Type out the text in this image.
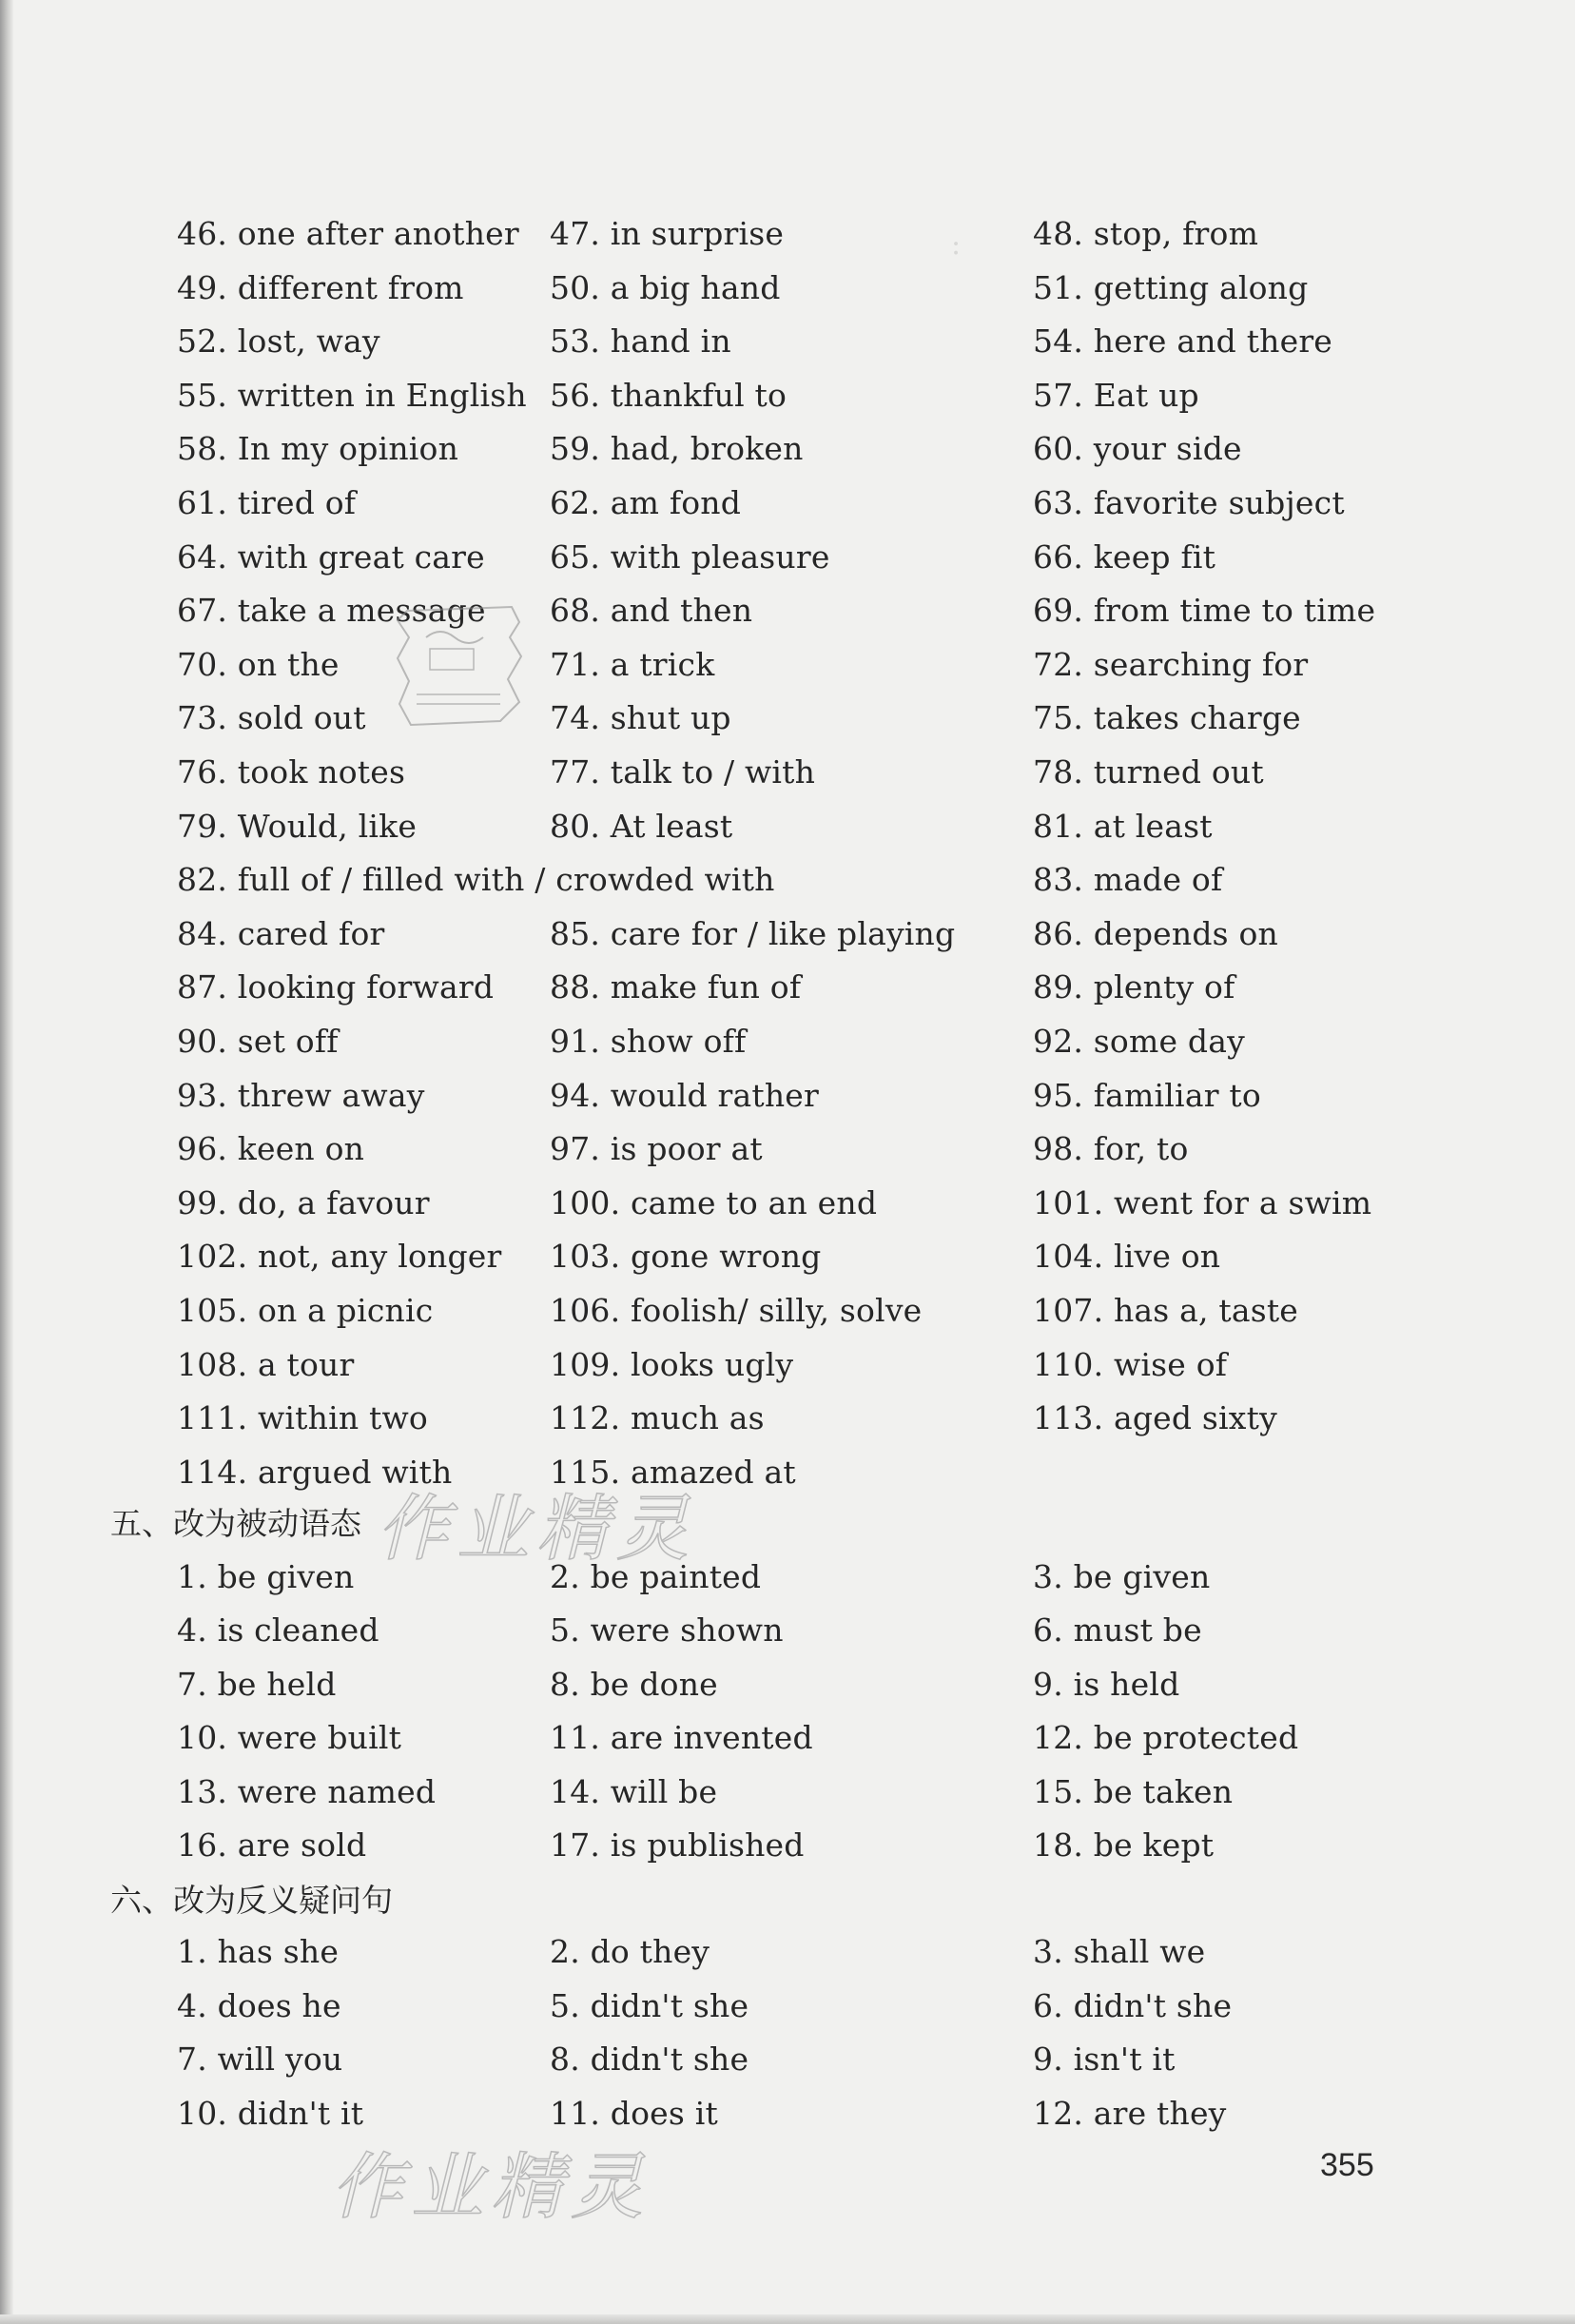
:
46. one after another 47. in surprise	48. stop, from
49. different from	50. a big hand	51. getting along
52. lost, way	53. hand in	54. here and there
55. written in English 56. thankful to	57. Eat up
58. In my opinion	59. had, broken	60. your side
61. tired of	62. am fond	63. favorite subject
64. with great care 65. with pleasure	66. keep fit
67. take a message 68. and then	69. from time to time
70. on the	71. a trick	72. searching for
73. sold out	74. shut up	75. takes charge
76. took notes	77. talk to / with	78. turned out
79. Would, like	80. At least	81. at least
82. full of / filled with / crowded with	83. made of
84. cared for	85. care for / like playing 86. depends on
87. looking forward 88. make fun of	89. plenty of
90. set off	91. show off	92. some day
93. threw away	94. would rather	95. familiar to
96. keen on	97. is poor at	98. for, to
99. do, a favour	100. came to an end	101. went for a swim
102. not, any longer 103. gone wrong	104. live on
105. on a picnic	106. foolish/ silly, solve	107. has a, taste
108. a tour	109. looks ugly	110. wise of
111. within two	112. much as	113. aged sixty
114. argued with	115. amazed at
五、改为被动语态
1. be given	2. be painted	3. be given
4. is cleaned	5. were shown	6. must be
7. be held	8. be done	9. is held
10. were built	11. are invented	12. be protected
13. were named	14. will be	15. be taken
16. are sold	17. is published	18. be kept
六、改为反义疑问句
1. has she	2. do they	3. shall we
4. does he	5. didn't she	6. didn't she
7. will you	8. didn't she	9. isn't it
10. didn't it	11. does it	12. are they
作业精灵
作业精灵	355
